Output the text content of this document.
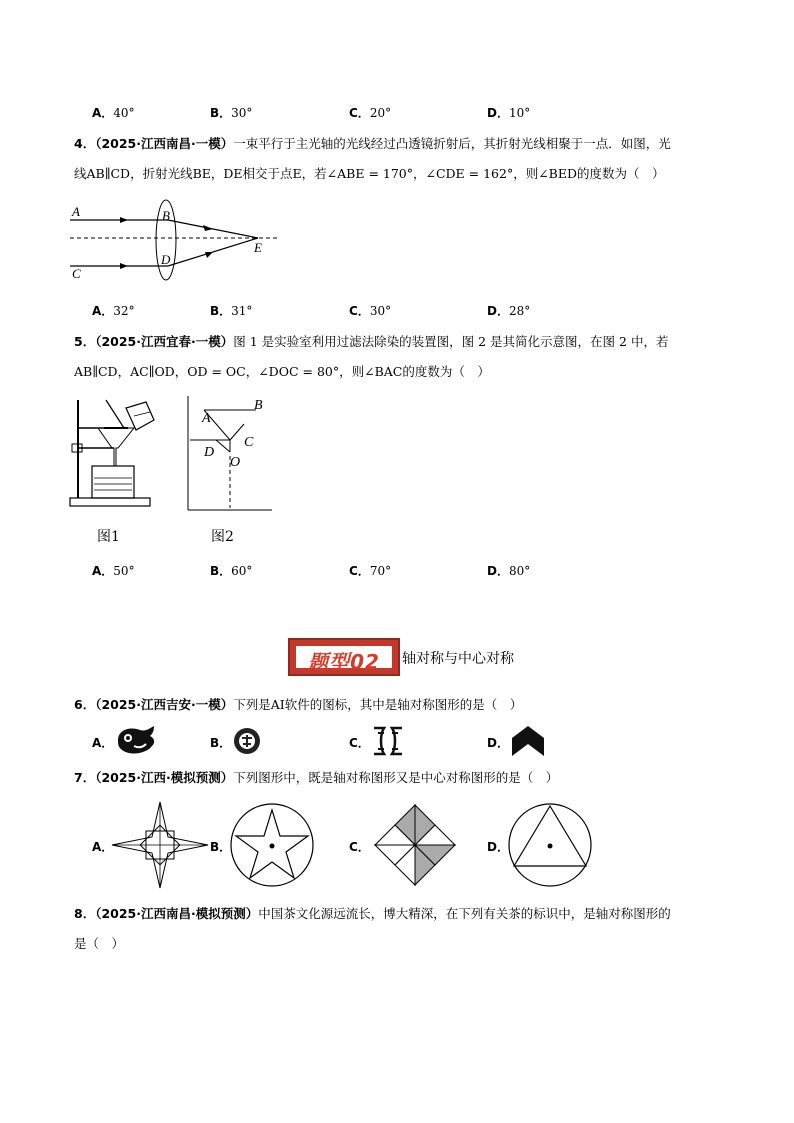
A．40°	B．30°	C．20°	D．10°
4．（2025·江西南昌·一模）一束平行于主光轴的光线经过凸透镜折射后，其折射光线相聚于一点．如图，光
线AB∥CD，折射光线BE，DE相交于点E，若∠ABE = 170°，∠CDE = 162°，则∠BED的度数为（　）
A	B
C
D
E
A．32°	B．31°	C．30°	D．28°
5．（2025·江西宜春·一模）图 1 是实验室利用过滤法除染的装置图，图 2 是其简化示意图，在图 2 中，若
AB∥CD，AC∥OD，OD = OC，∠DOC = 80°，则∠BAC的度数为（　）
图1
A
B
C
D
O
图2
A．50°	B．60°	C．70°	D．80°
题型02	轴对称与中心对称
6．（2025·江西吉安·一模）下列是AI软件的图标，其中是轴对称图形的是（　）
A．	B．	C．	D．
7．（2025·江西·模拟预测）下列图形中，既是轴对称图形又是中心对称图形的是（　）
A．	B．	C．	D．
8．（2025·江西南昌·模拟预测）中国茶文化源远流长，博大精深，在下列有关茶的标识中，是轴对称图形的
是（　）
